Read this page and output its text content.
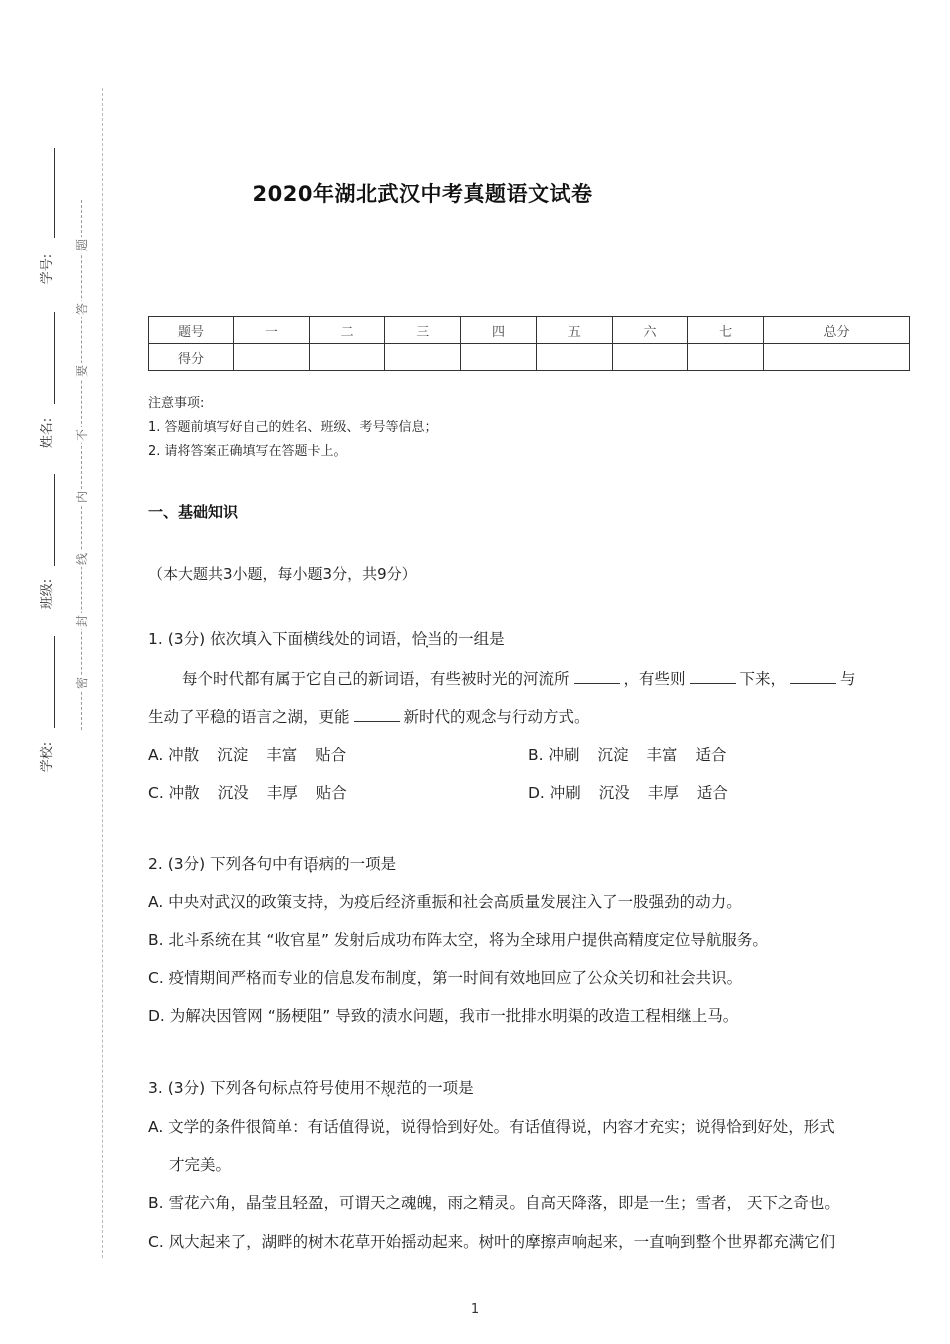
题
答
要
不
内
线
封
密
学号:
姓名:
班级:
学校:
2020年湖北武汉中考真题语文试卷
题号	一	二	三	四	五	六	七	总分
得分								
注意事项:
1. 答题前填写好自己的姓名、班级、考号等信息；
2. 请将答案正确填写在答题卡上。
一、基础知识
（本大题共3小题，每小题3分，共9分）
1. (3分) 依次填入下面横线处的词语，恰当的一组是
每个时代都有属于它自己的新词语，有些被时光的河流所	，有些则	下来，	与
生动了平稳的语言之湖，更能	新时代的观念与行动方式。
A. 冲散 沉淀 丰富 贴合	B. 冲刷 沉淀 丰富 适合
C. 冲散 沉没 丰厚 贴合	D. 冲刷 沉没 丰厚 适合
2. (3分) 下列各句中有语病的一项是
A. 中央对武汉的政策支持，为疫后经济重振和社会高质量发展注入了一股强劲的动力。
B. 北斗系统在其 “收官星” 发射后成功布阵太空，将为全球用户提供高精度定位导航服务。
C. 疫情期间严格而专业的信息发布制度，第一时间有效地回应了公众关切和社会共识。
D. 为解决因管网 “肠梗阻” 导致的渍水问题，我市一批排水明渠的改造工程相继上马。
3. (3分) 下列各句标点符号使用不规范的一项是
A. 文学的条件很简单：有话值得说，说得恰到好处。有话值得说，内容才充实；说得恰到好处，形式
才完美。
B. 雪花六角，晶莹且轻盈，可谓天之魂魄，雨之精灵。自高天降落，即是一生；雪者， 天下之奇也。
C. 风大起来了，湖畔的树木花草开始摇动起来。树叶的摩擦声响起来，一直响到整个世界都充满它们
1
